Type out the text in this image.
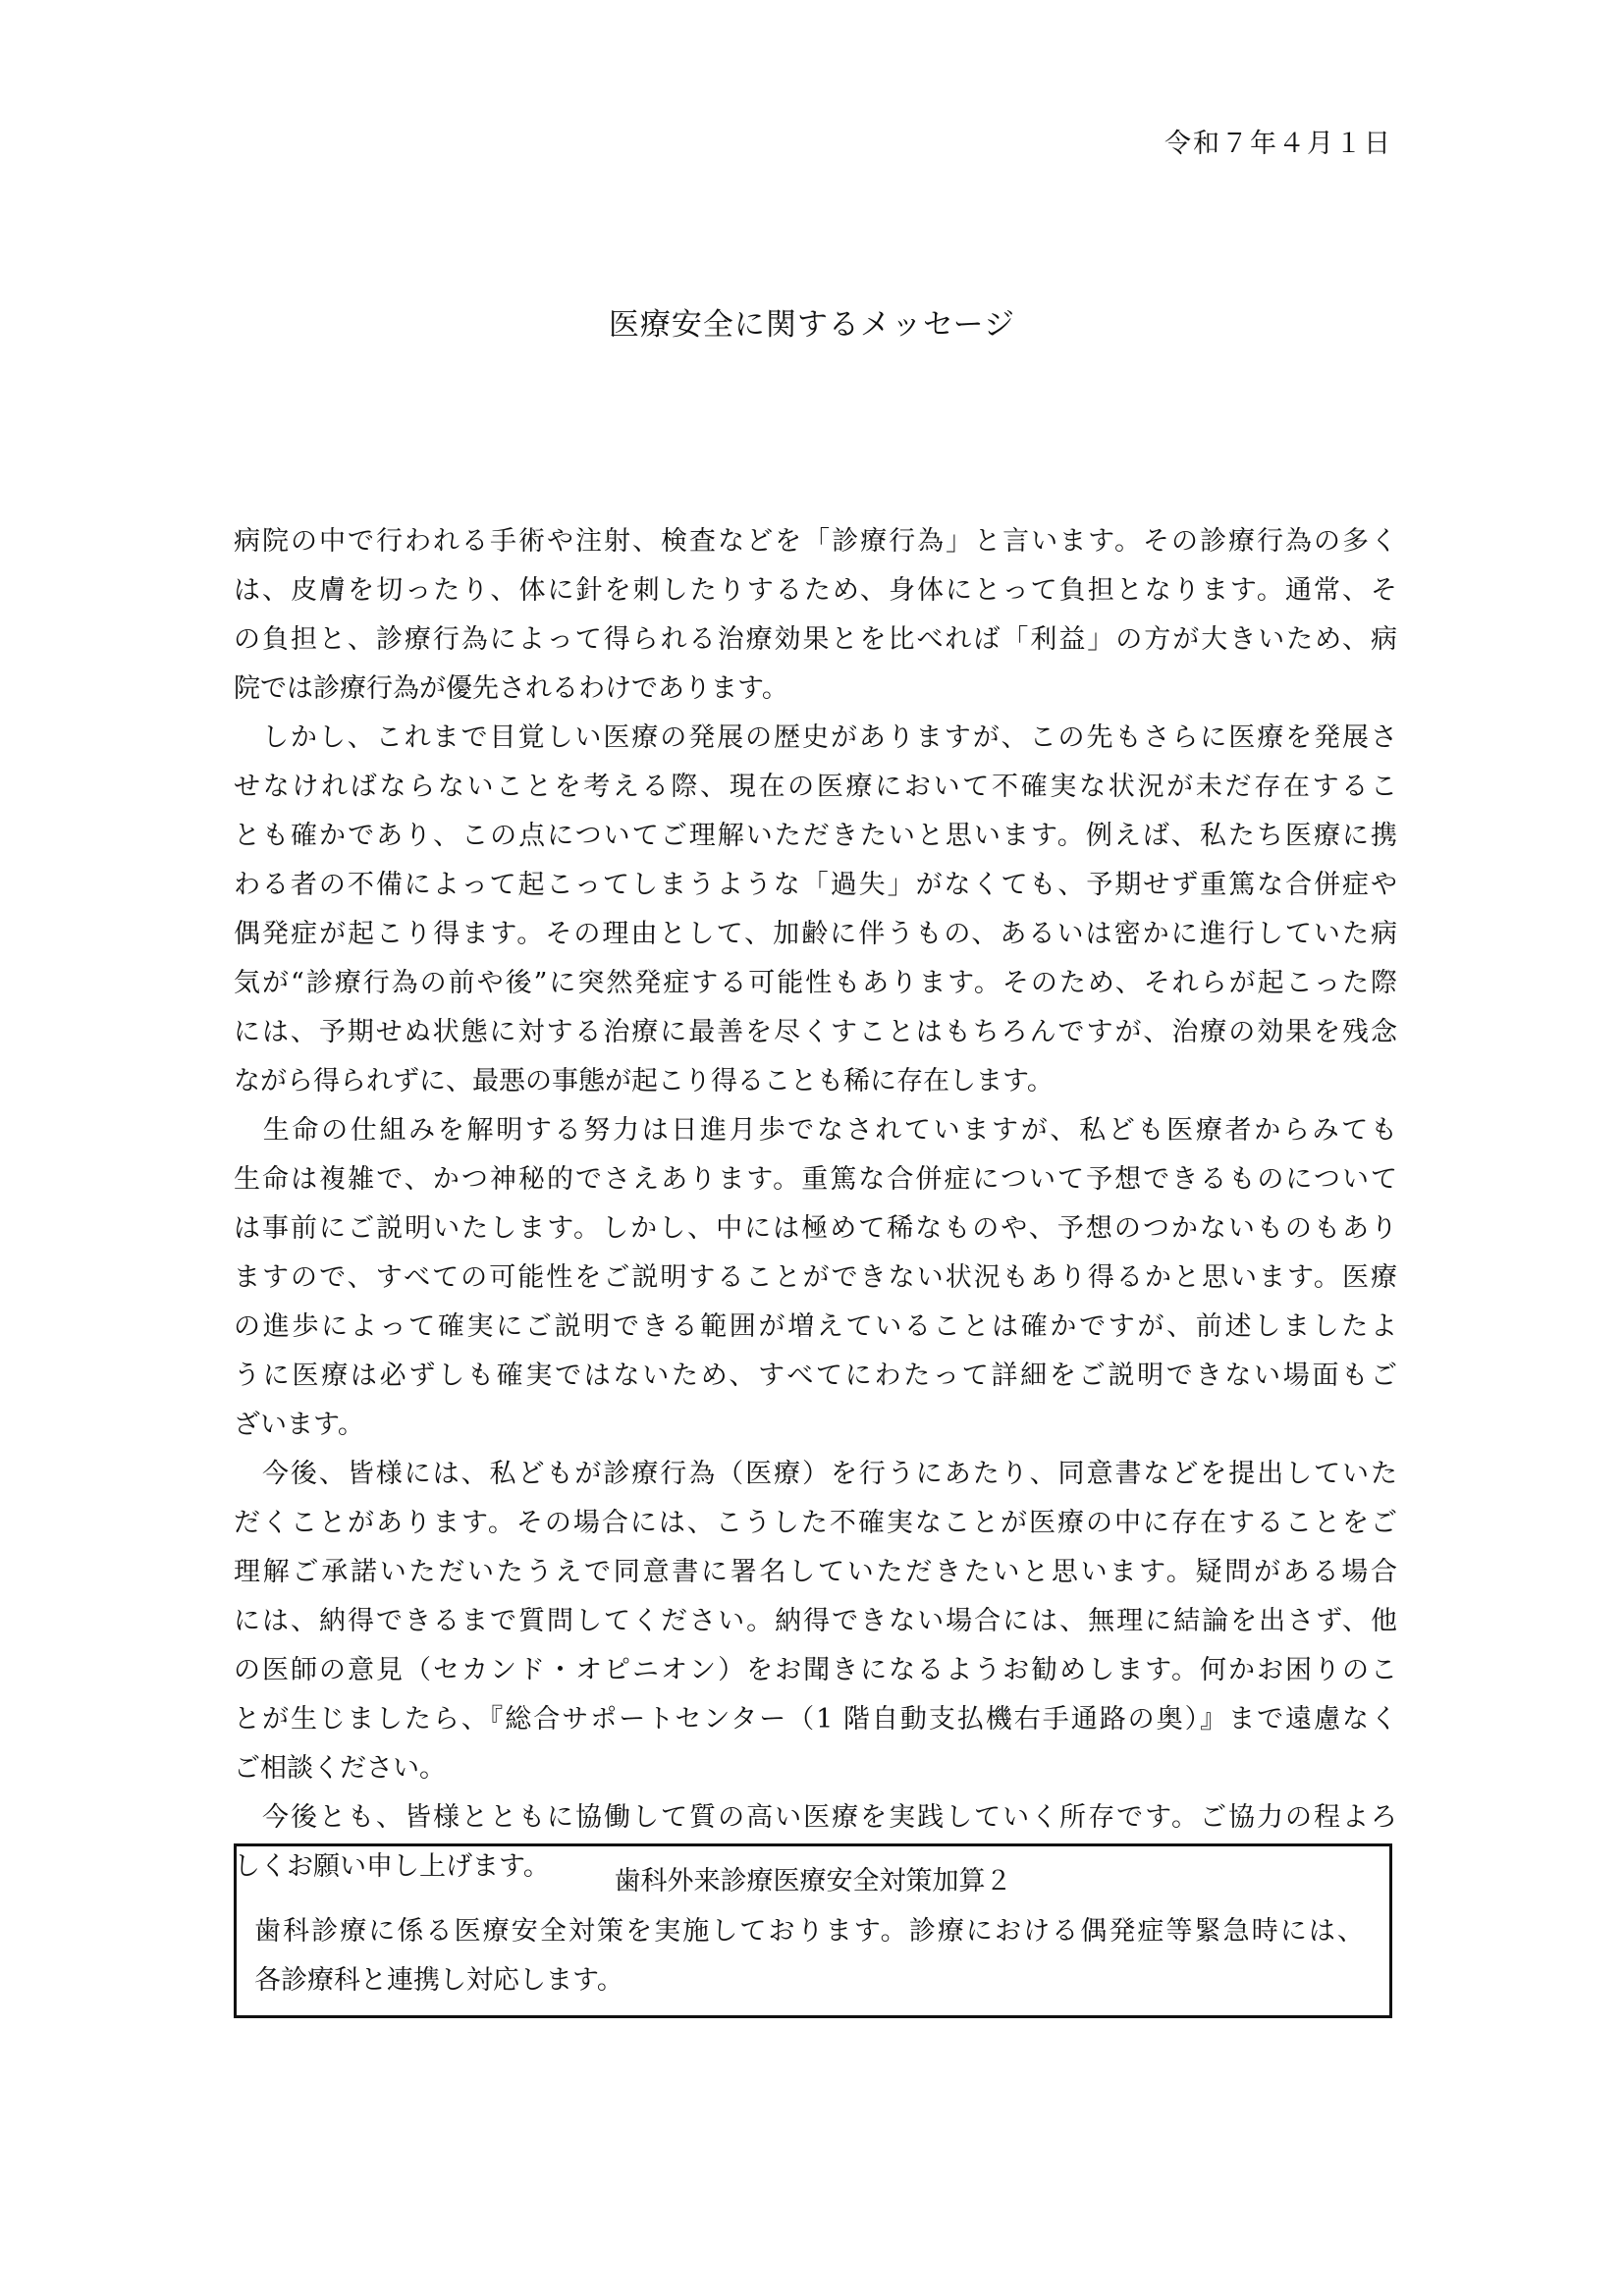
令和７年４月１日
医療安全に関するメッセージ
病院の中で行われる手術や注射、検査などを「診療行為」と言います。その診療行為の多く
は、皮膚を切ったり、体に針を刺したりするため、身体にとって負担となります。通常、そ
の負担と、診療行為によって得られる治療効果とを比べれば「利益」の方が大きいため、病
院では診療行為が優先されるわけであります。
　しかし、これまで目覚しい医療の発展の歴史がありますが、この先もさらに医療を発展さ
せなければならないことを考える際、現在の医療において不確実な状況が未だ存在するこ
とも確かであり、この点についてご理解いただきたいと思います。例えば、私たち医療に携
わる者の不備によって起こってしまうような「過失」がなくても、予期せず重篤な合併症や
偶発症が起こり得ます。その理由として、加齢に伴うもの、あるいは密かに進行していた病
気が“診療行為の前や後”に突然発症する可能性もあります。そのため、それらが起こった際
には、予期せぬ状態に対する治療に最善を尽くすことはもちろんですが、治療の効果を残念
ながら得られずに、最悪の事態が起こり得ることも稀に存在します。
　生命の仕組みを解明する努力は日進月歩でなされていますが、私ども医療者からみても
生命は複雑で、かつ神秘的でさえあります。重篤な合併症について予想できるものについて
は事前にご説明いたします。しかし、中には極めて稀なものや、予想のつかないものもあり
ますので、すべての可能性をご説明することができない状況もあり得るかと思います。医療
の進歩によって確実にご説明できる範囲が増えていることは確かですが、前述しましたよ
うに医療は必ずしも確実ではないため、すべてにわたって詳細をご説明できない場面もご
ざいます。
　今後、皆様には、私どもが診療行為（医療）を行うにあたり、同意書などを提出していた
だくことがあります。その場合には、こうした不確実なことが医療の中に存在することをご
理解ご承諾いただいたうえで同意書に署名していただきたいと思います。疑問がある場合
には、納得できるまで質問してください。納得できない場合には、無理に結論を出さず、他
の医師の意見（セカンド・オピニオン）をお聞きになるようお勧めします。何かお困りのこ
とが生じましたら、『総合サポートセンター（1 階自動支払機右手通路の奥）』まで遠慮なく
ご相談ください。
　今後とも、皆様とともに協働して質の高い医療を実践していく所存です。ご協力の程よろ
しくお願い申し上げます。	歯科外来診療医療安全対策加算２
歯科診療に係る医療安全対策を実施しております。診療における偶発症等緊急時には、
各診療科と連携し対応します。
